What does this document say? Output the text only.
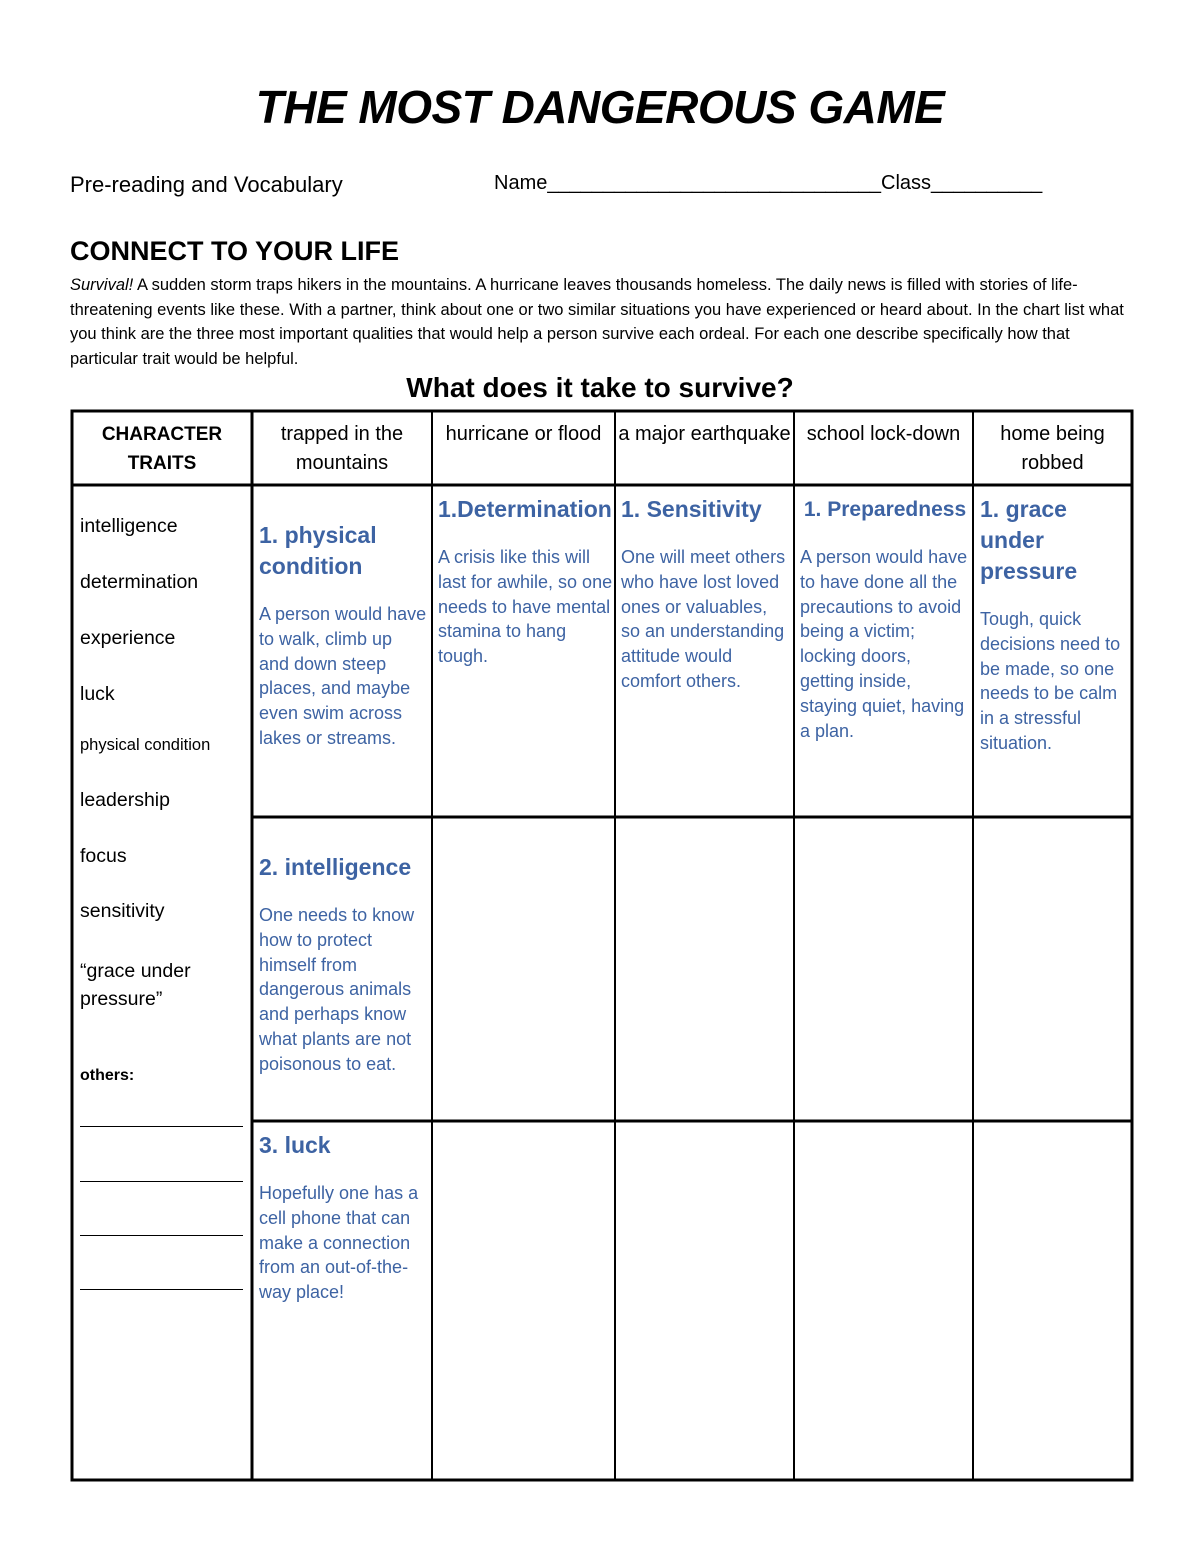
THE MOST DANGEROUS GAME
Pre-reading and Vocabulary	Name______________________________Class__________
CONNECT TO YOUR LIFE
Survival! A sudden storm traps hikers in the mountains. A hurricane leaves thousands homeless. The daily news is filled with stories of life-threatening events like these. With a partner, think about one or two similar situations you have experienced or heard about. In the chart list what you think are the three most important qualities that would help a person survive each ordeal. For each one describe specifically how that particular trait would be helpful.
What does it take to survive?
CHARACTER TRAITS
trapped in the mountains
hurricane or flood a major earthquake school lock-down	home being robbed
intelligence
determination
experience
luck
physical condition
leadership
focus
sensitivity
“grace under pressure”
others:
1. physical condition
A person would have to walk, climb up and down steep places, and maybe even swim across lakes or streams.
1.Determination
A crisis like this will last for awhile, so one needs to have mental stamina to hang tough.
1. Sensitivity
One will meet others who have lost loved ones or valuables, so an understanding attitude would comfort others.
1. Preparedness
A person would have to have done all the precautions to avoid being a victim; locking doors, getting inside, staying quiet, having a plan.
1. grace under pressure
Tough, quick decisions need to be made, so one needs to be calm in a stressful situation.
2. intelligence
One needs to know how to protect himself from dangerous animals and perhaps know what plants are not poisonous to eat.
3. luck
Hopefully one has a cell phone that can make a connection from an out-of-the-way place!
